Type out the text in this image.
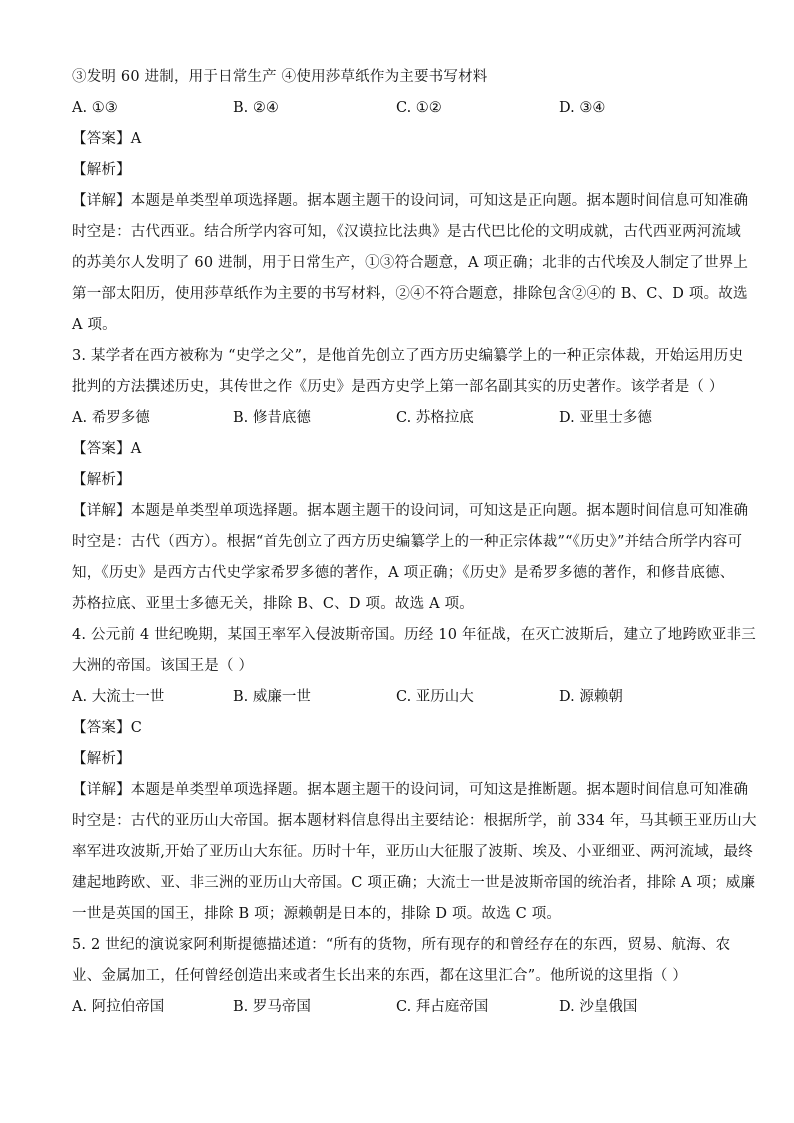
③发明 60 进制，用于日常生产 ④使用莎草纸作为主要书写材料
A. ①③	B. ②④	C. ①②	D. ③④
【答案】A
【解析】
【详解】本题是单类型单项选择题。据本题主题干的设问词，可知这是正向题。据本题时间信息可知准确
时空是：古代西亚。结合所学内容可知，《汉谟拉比法典》是古代巴比伦的文明成就，古代西亚两河流域
的苏美尔人发明了 60 进制，用于日常生产，①③符合题意，A 项正确；北非的古代埃及人制定了世界上
第一部太阳历，使用莎草纸作为主要的书写材料，②④不符合题意，排除包含②④的 B、C、D 项。故选
A 项。
3. 某学者在西方被称为 “史学之父”，是他首先创立了西方历史编纂学上的一种正宗体裁，开始运用历史
批判的方法撰述历史，其传世之作《历史》是西方史学上第一部名副其实的历史著作。该学者是（ ）
A. 希罗多德	B. 修昔底德	C. 苏格拉底	D. 亚里士多德
【答案】A
【解析】
【详解】本题是单类型单项选择题。据本题主题干的设问词，可知这是正向题。据本题时间信息可知准确
时空是：古代（西方）。根据“首先创立了西方历史编纂学上的一种正宗体裁”“《历史》”并结合所学内容可
知，《历史》是西方古代史学家希罗多德的著作，A 项正确；《历史》是希罗多德的著作，和修昔底德、
苏格拉底、亚里士多德无关，排除 B、C、D 项。故选 A 项。
4. 公元前 4 世纪晚期，某国王率军入侵波斯帝国。历经 10 年征战，在灭亡波斯后，建立了地跨欧亚非三
大洲的帝国。该国王是（ ）
A. 大流士一世	B. 威廉一世	C. 亚历山大	D. 源赖朝
【答案】C
【解析】
【详解】本题是单类型单项选择题。据本题主题干的设问词，可知这是推断题。据本题时间信息可知准确
时空是：古代的亚历山大帝国。据本题材料信息得出主要结论：根据所学，前 334 年，马其顿王亚历山大
率军进攻波斯,开始了亚历山大东征。历时十年，亚历山大征服了波斯、埃及、小亚细亚、两河流域，最终
建起地跨欧、亚、非三洲的亚历山大帝国。C 项正确；大流士一世是波斯帝国的统治者，排除 A 项；威廉
一世是英国的国王，排除 B 项；源赖朝是日本的，排除 D 项。故选 C 项。
5. 2 世纪的演说家阿利斯提德描述道：“所有的货物，所有现存的和曾经存在的东西，贸易、航海、农
业、金属加工，任何曾经创造出来或者生长出来的东西，都在这里汇合”。他所说的这里指（ ）
A. 阿拉伯帝国	B. 罗马帝国	C. 拜占庭帝国	D. 沙皇俄国
